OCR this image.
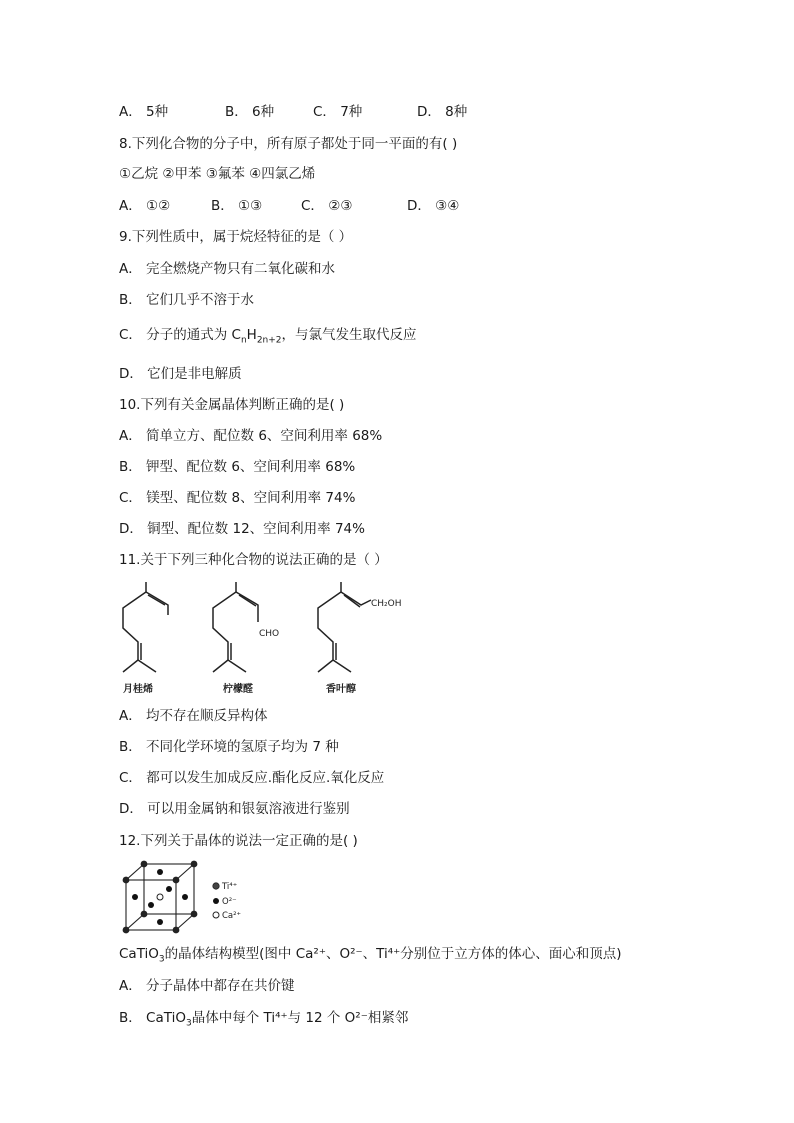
A． 5种	B． 6种	C． 7种	D． 8种
8.下列化合物的分子中，所有原子都处于同一平面的有( )
①乙烷 ②甲苯 ③氟苯 ④四氯乙烯
A． ①②	B． ①③	C． ②③	D． ③④
9.下列性质中，属于烷烃特征的是（ ）
A． 完全燃烧产物只有二氧化碳和水
B． 它们几乎不溶于水
C． 分子的通式为 $C_nH_{2n+2}$，与氯气发生取代反应
D． 它们是非电解质
10.下列有关金属晶体判断正确的是( )
A． 简单立方、配位数 6、空间利用率 68%
B． 钾型、配位数 6、空间利用率 68%
C． 镁型、配位数 8、空间利用率 74%
D． 铜型、配位数 12、空间利用率 74%
11.关于下列三种化合物的说法正确的是（ ）
CHO
CH₂OH
月桂烯	柠檬醛	香叶醇
A． 均不存在顺反异构体
B． 不同化学环境的氢原子均为 7 种
C． 都可以发生加成反应.酯化反应.氧化反应
D． 可以用金属钠和银氨溶液进行鉴别
12.下列关于晶体的说法一定正确的是( )
Ti⁴⁺
O²⁻
Ca²⁺
CaTiO$_3$的晶体结构模型(图中 Ca²⁺、O²⁻、Ti⁴⁺分别位于立方体的体心、面心和顶点)
A． 分子晶体中都存在共价键
B． CaTiO$_3$晶体中每个 Ti⁴⁺与 12 个 O²⁻相紧邻
